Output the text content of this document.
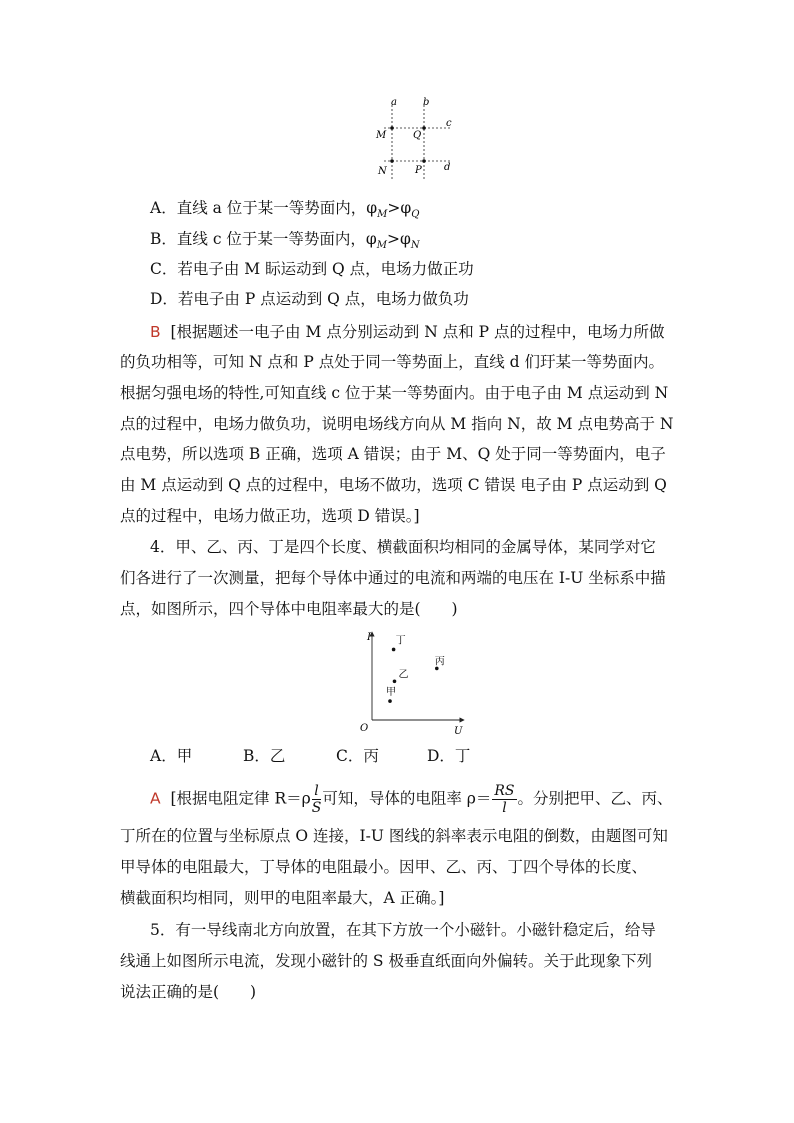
a	b
c
d
M	Q
N	P
A．直线 a 位于某一等势面内，$\varphi_M>\varphi_Q$
B．直线 c 位于某一等势面内，$\varphi_M>\varphi_N$
C．若电子由 M 眎运动到 Q 点，电场力做正功
D．若电子由 P 点运动到 Q 点，电场力做负功
B [根据题述一电子由 M 点分别运动到 N 点和 P 点的过程中，电场力所做
的负功相等，可知 N 点和 P 点处于同一等势面上，直线 d 们玗某一等势面内。
根据匀强电场的特性,可知直线 c 位于某一等势面内。由于电子由 M 点运动到 N
点的过程中，电场力做负功，说明电场线方向从 M 指向 N，故 M 点电势高于 N
点电势，所以选项 B 正确，选项 A 错误；由于 M、Q 处于同一等势面内，电子
由 M 点运动到 Q 点的过程中，电场不做功，选项 C 错误 电子由 P 点运动到 Q
点的过程中，电场力做正功，选项 D 错误。]
4．甲、乙、丙、丁是四个长度、横截面积均相同的金属导体，某同学对它
们各进行了一次测量，把每个导体中通过的电流和两端的电压在 I-U 坐标系中描
点，如图所示，四个导体中电阻率最大的是(　　)
I
U
O
甲
乙
丙
丁
A．甲	B．乙	C．丙	D．丁
A [根据电阻定律 $R=\rho \frac{l}{S}$ 可知，导体的电阻率 $\rho= \frac{RS}{l}$ 。分别把甲、乙、丙、
丁所在的位置与坐标原点 O 连接，I-U 图线的斜率表示电阻的倒数，由题图可知
甲导体的电阻最大，丁导体的电阻最小。因甲、乙、丙、丁四个导体的长度、
横截面积均相同，则甲的电阻率最大，A 正确。]
5．有一导线南北方向放置，在其下方放一个小磁针。小磁针稳定后，给导
线通上如图所示电流，发现小磁针的 S 极垂直纸面向外偏转。关于此现象下列
说法正确的是(　　)
